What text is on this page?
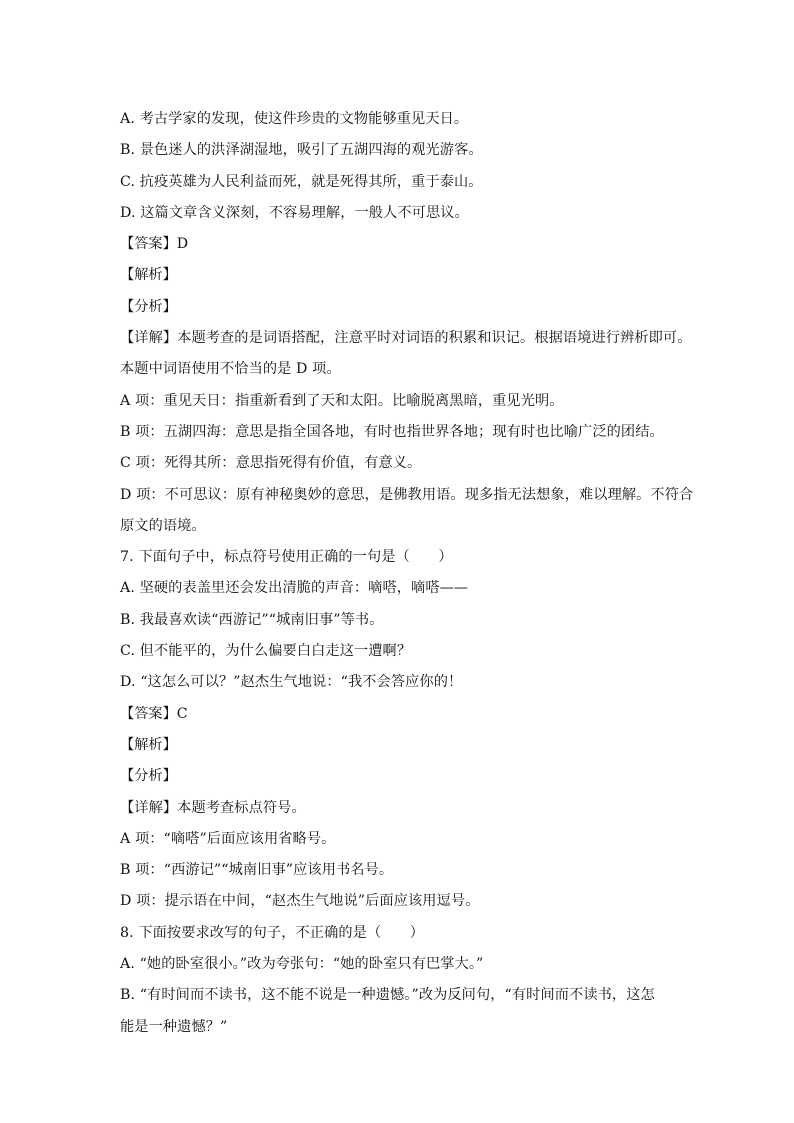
A. 考古学家的发现，使这件珍贵的文物能够重见天日。
B. 景色迷人的洪泽湖湿地，吸引了五湖四海的观光游客。
C. 抗疫英雄为人民利益而死，就是死得其所，重于泰山。
D. 这篇文章含义深刻，不容易理解，一般人不可思议。
【答案】D
【解析】
【分析】
【详解】本题考查的是词语搭配，注意平时对词语的积累和识记。根据语境进行辨析即可。
本题中词语使用不恰当的是 D 项。
A 项：重见天日：指重新看到了天和太阳。比喻脱离黑暗，重见光明。
B 项：五湖四海：意思是指全国各地，有时也指世界各地；现有时也比喻广泛的团结。
C 项：死得其所：意思指死得有价值，有意义。
D 项：不可思议：原有神秘奥妙的意思，是佛教用语。现多指无法想象，难以理解。不符合
原文的语境。
7. 下面句子中，标点符号使用正确的一句是（　　）
A. 坚硬的表盖里还会发出清脆的声音：嘀嗒，嘀嗒——
B. 我最喜欢读“西游记”“城南旧事”等书。
C. 但不能平的，为什么偏要白白走这一遭啊？
D. “这怎么可以？”赵杰生气地说：“我不会答应你的！
【答案】C
【解析】
【分析】
【详解】本题考查标点符号。
A 项：“嘀嗒”后面应该用省略号。
B 项：“西游记”“城南旧事”应该用书名号。
D 项：提示语在中间，“赵杰生气地说”后面应该用逗号。
8. 下面按要求改写的句子，不正确的是（　　）
A. “她的卧室很小。”改为夸张句：“她的卧室只有巴掌大。”
B. “有时间而不读书，这不能不说是一种遗憾。”改为反问句，“有时间而不读书，这怎
能是一种遗憾？”
